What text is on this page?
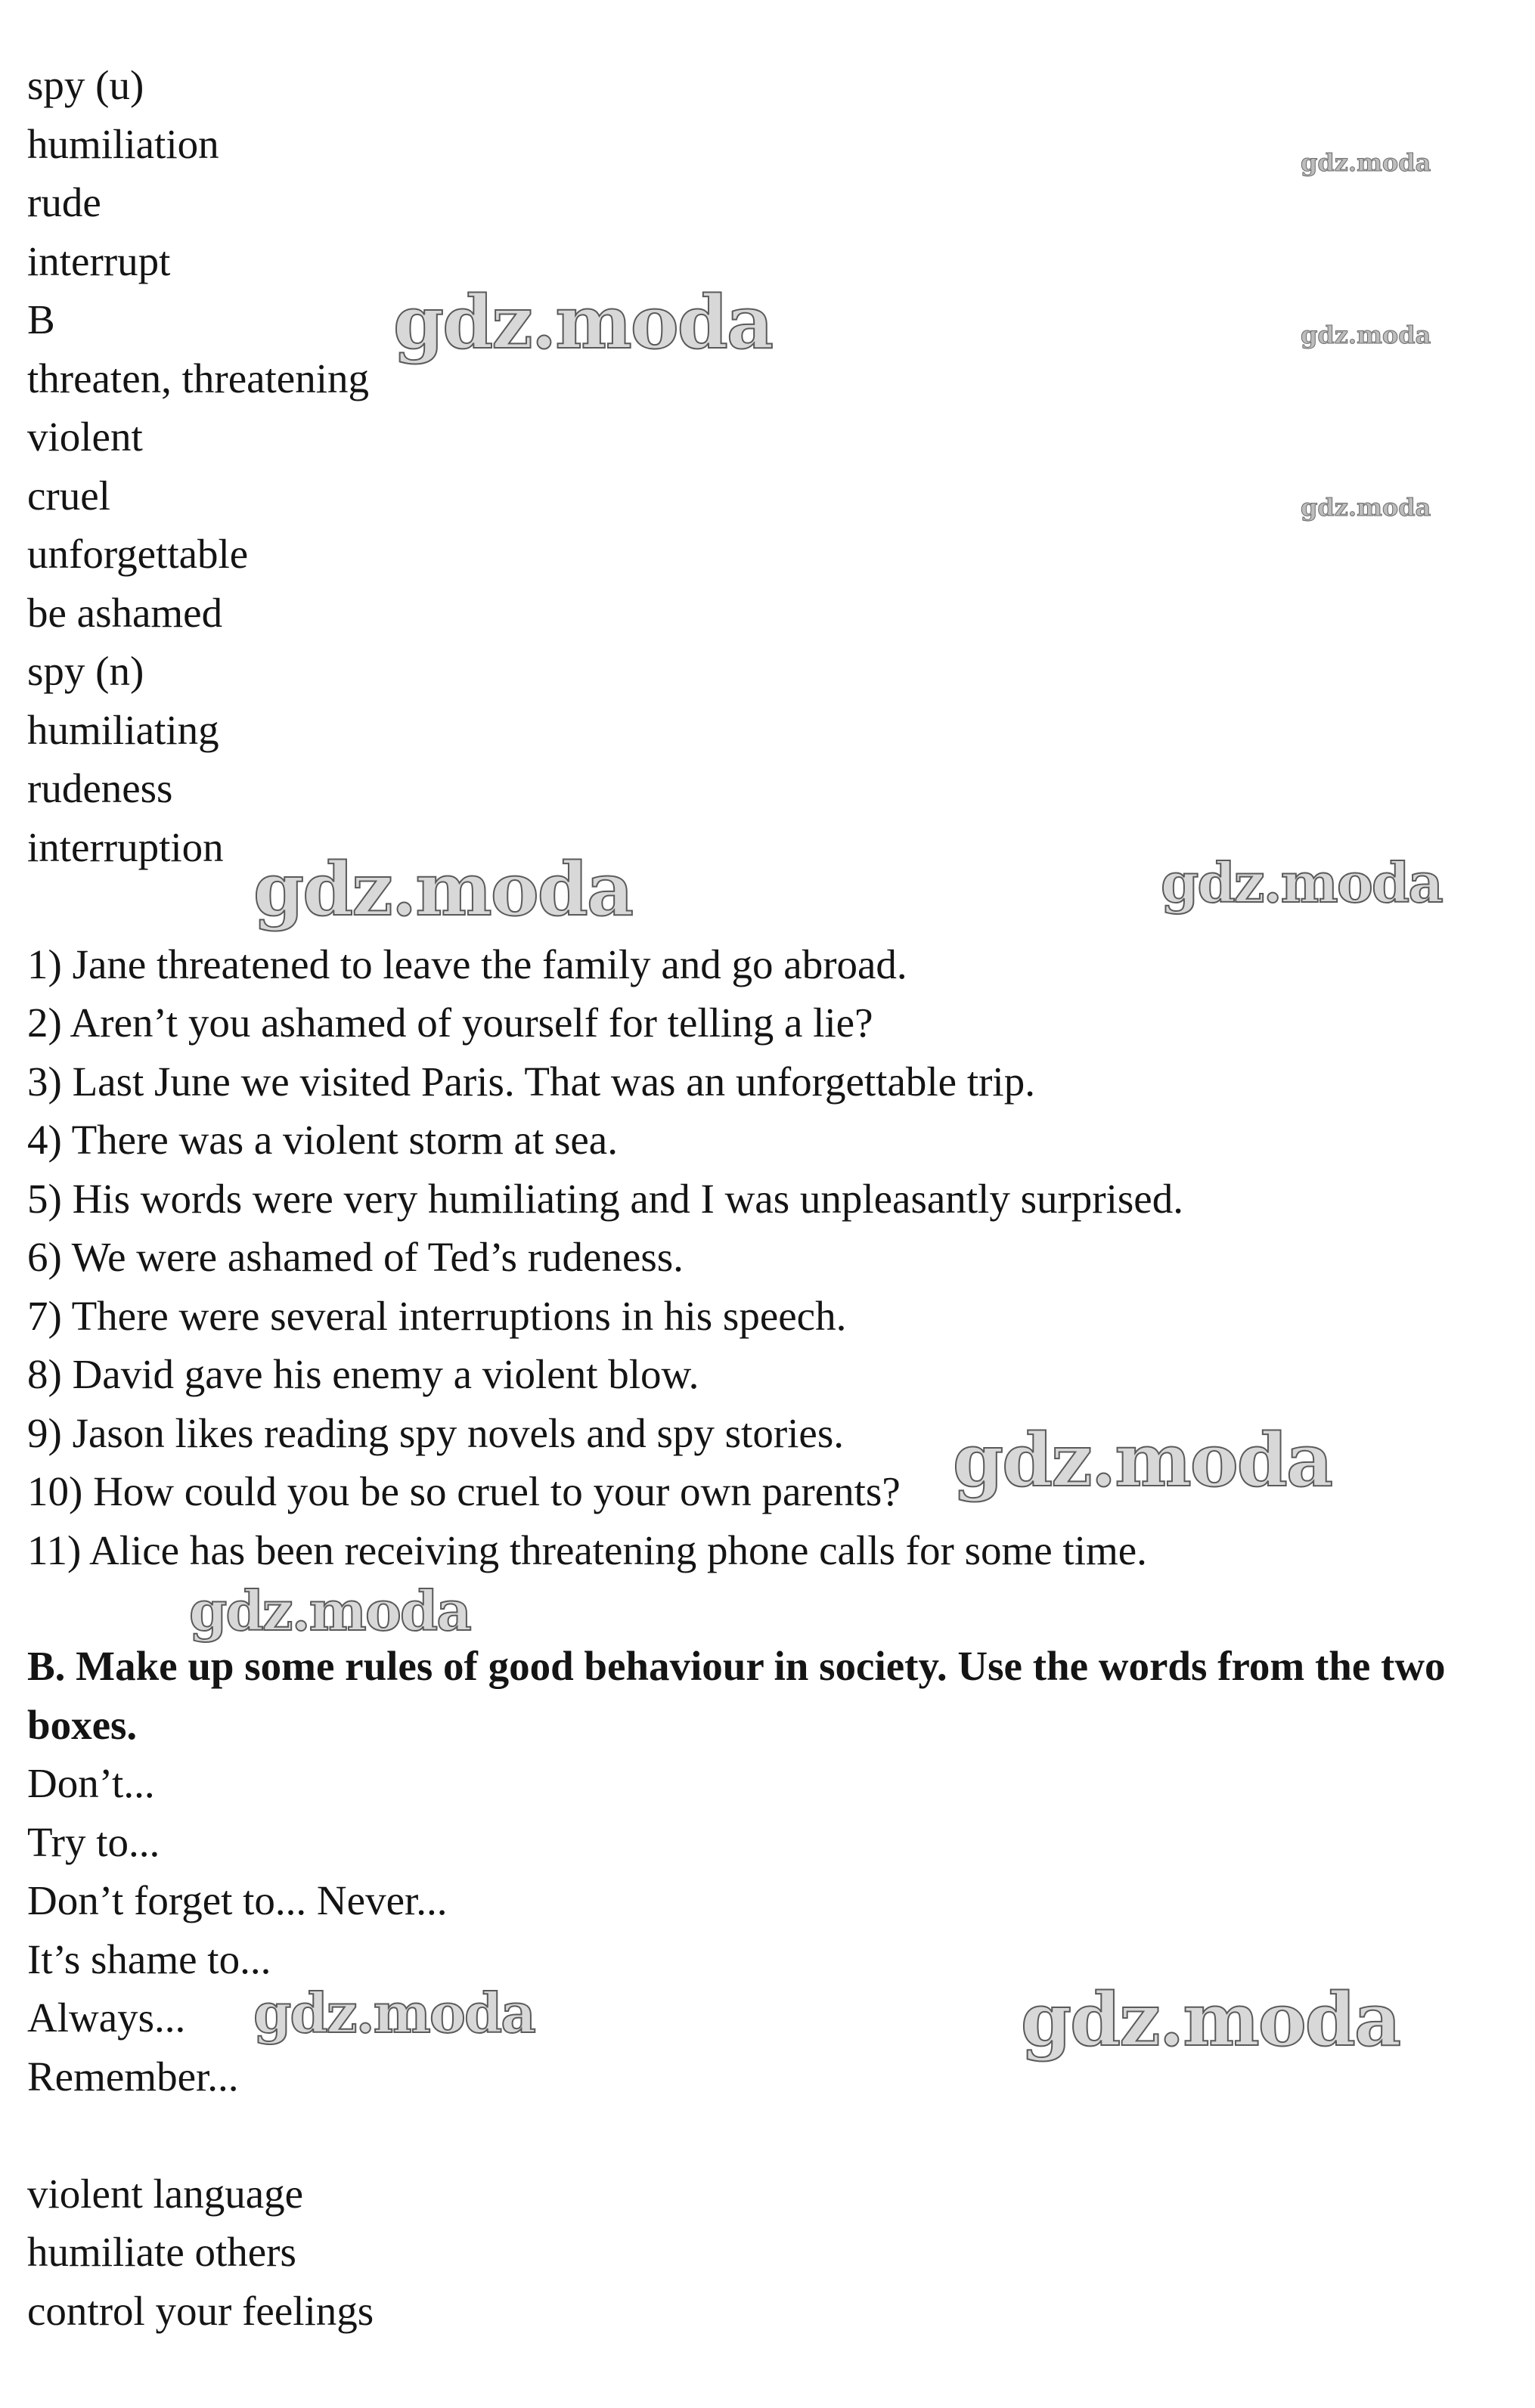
spy (u)
humiliation
rude
interrupt
B
threaten, threatening
violent
cruel
unforgettable
be ashamed
spy (n)
humiliating
rudeness
interruption
1) Jane threatened to leave the family and go abroad.
2) Aren’t you ashamed of yourself for telling a lie?
3) Last June we visited Paris. That was an unforgettable trip.
4) There was a violent storm at sea.
5) His words were very humiliating and I was unpleasantly surprised.
6) We were ashamed of Ted’s rudeness.
7) There were several interruptions in his speech.
8) David gave his enemy a violent blow.
9) Jason likes reading spy novels and spy stories.
10) How could you be so cruel to your own parents?
11) Alice has been receiving threatening phone calls for some time.
B. Make up some rules of good behaviour in society. Use the words from the two boxes.
Don’t...
Try to...
Don’t forget to... Never...
It’s shame to...
Always...
Remember...
violent language
humiliate others
control your feelings
gdz.moda
gdz.moda
gdz.moda
gdz.moda
gdz.moda	gdz.moda
gdz.moda
gdz.moda
gdz.moda	gdz.moda
